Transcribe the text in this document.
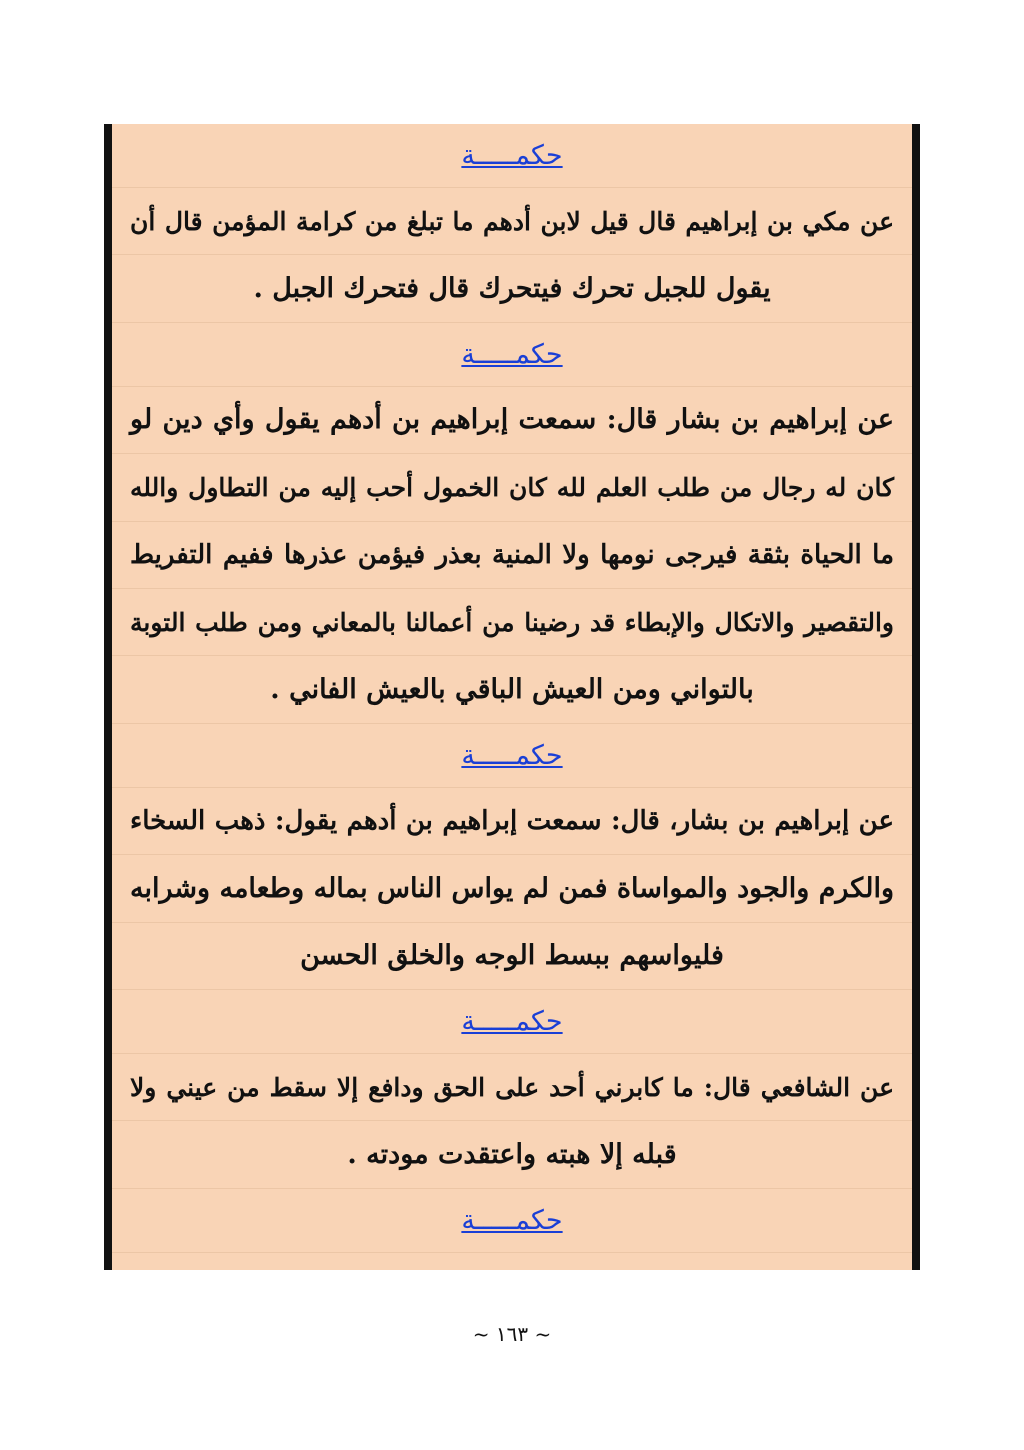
حكمـــــة
عن مكي بن إبراهيم قال قيل لابن أدهم ما تبلغ من كرامة المؤمن قال أن
يقول للجبل تحرك فيتحرك قال فتحرك الجبل .
حكمـــــة
عن إبراهيم بن بشار قال: سمعت إبراهيم بن أدهم يقول وأي دين لو
كان له رجال من طلب العلم لله كان الخمول أحب إليه من التطاول والله
ما الحياة بثقة فيرجى نومها ولا المنية بعذر فيؤمن عذرها ففيم التفريط
والتقصير والاتكال والإبطاء قد رضينا من أعمالنا بالمعاني ومن طلب التوبة
بالتواني ومن العيش الباقي بالعيش الفاني .
حكمـــــة
عن إبراهيم بن بشار، قال: سمعت إبراهيم بن أدهم يقول: ذهب السخاء
والكرم والجود والمواساة فمن لم يواس الناس بماله وطعامه وشرابه
فليواسهم ببسط الوجه والخلق الحسن
حكمـــــة
عن الشافعي قال: ما كابرني أحد على الحق ودافع إلا سقط من عيني ولا
قبله إلا هبته واعتقدت مودته .
حكمـــــة
~ ١٦٣ ~
